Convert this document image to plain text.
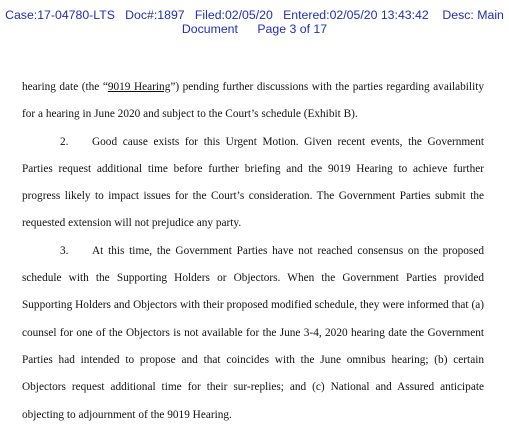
Case:17-04780-LTS Doc#:1897 Filed:02/05/20 Entered:02/05/20 13:43:42 Desc: Main
Document Page 3 of 17

hearing date (the “9019 Hearing”) pending further discussions with the parties regarding availability for a hearing in June 2020 and subject to the Court’s schedule (Exhibit B).

2. Good cause exists for this Urgent Motion. Given recent events, the Government Parties request additional time before further briefing and the 9019 Hearing to achieve further progress likely to impact issues for the Court’s consideration. The Government Parties submit the requested extension will not prejudice any party.

3. At this time, the Government Parties have not reached consensus on the proposed schedule with the Supporting Holders or Objectors. When the Government Parties provided Supporting Holders and Objectors with their proposed modified schedule, they were informed that (a) counsel for one of the Objectors is not available for the June 3-4, 2020 hearing date the Government Parties had intended to propose and that coincides with the June omnibus hearing; (b) certain Objectors request additional time for their sur-replies; and (c) National and Assured anticipate objecting to adjournment of the 9019 Hearing.
